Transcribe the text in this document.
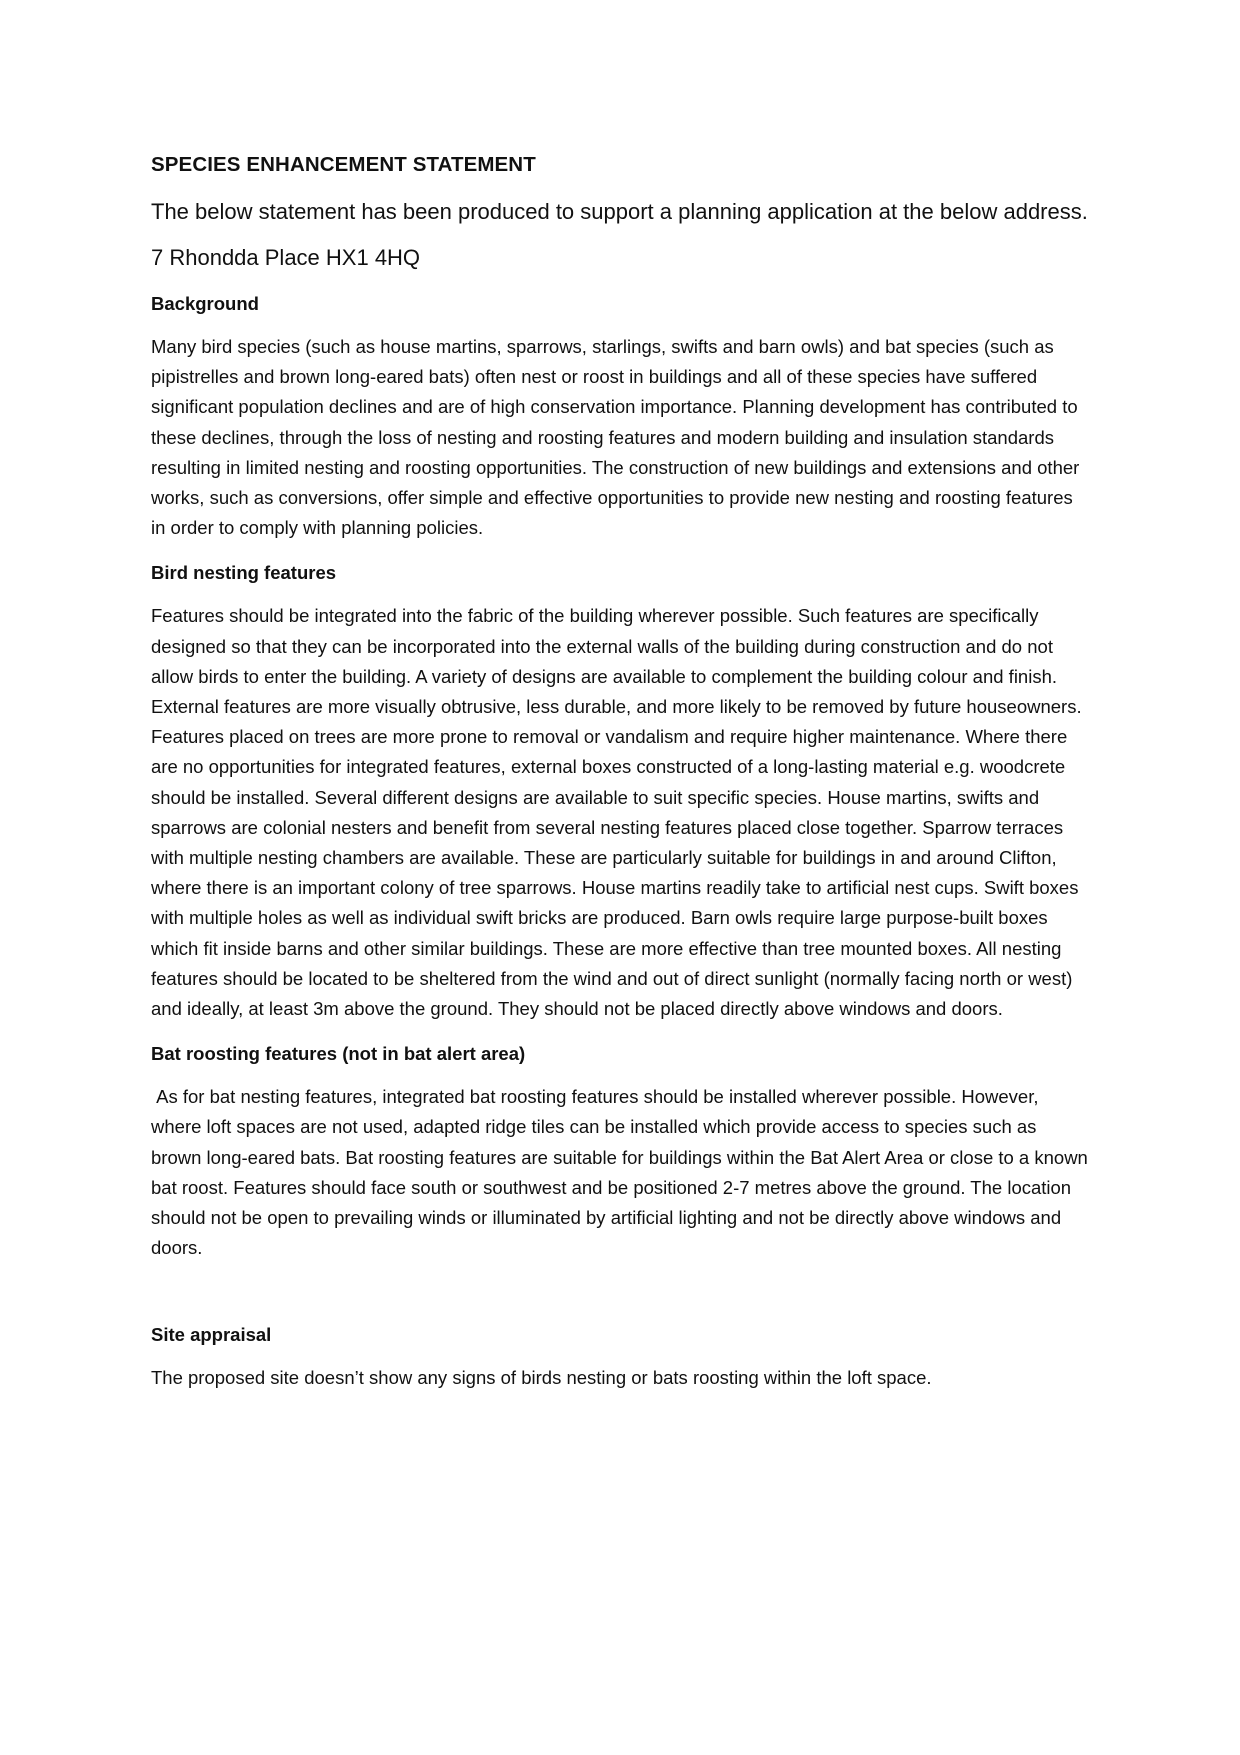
SPECIES ENHANCEMENT STATEMENT

The below statement has been produced to support a planning application at the below address.

7 Rhondda Place HX1 4HQ

Background

Many bird species (such as house martins, sparrows, starlings, swifts and barn owls) and bat species (such as pipistrelles and brown long-eared bats) often nest or roost in buildings and all of these species have suffered significant population declines and are of high conservation importance. Planning development has contributed to these declines, through the loss of nesting and roosting features and modern building and insulation standards resulting in limited nesting and roosting opportunities. The construction of new buildings and extensions and other works, such as conversions, offer simple and effective opportunities to provide new nesting and roosting features in order to comply with planning policies.

Bird nesting features

Features should be integrated into the fabric of the building wherever possible. Such features are specifically designed so that they can be incorporated into the external walls of the building during construction and do not allow birds to enter the building. A variety of designs are available to complement the building colour and finish. External features are more visually obtrusive, less durable, and more likely to be removed by future houseowners. Features placed on trees are more prone to removal or vandalism and require higher maintenance. Where there are no opportunities for integrated features, external boxes constructed of a long-lasting material e.g. woodcrete should be installed. Several different designs are available to suit specific species. House martins, swifts and sparrows are colonial nesters and benefit from several nesting features placed close together. Sparrow terraces with multiple nesting chambers are available. These are particularly suitable for buildings in and around Clifton, where there is an important colony of tree sparrows. House martins readily take to artificial nest cups. Swift boxes with multiple holes as well as individual swift bricks are produced. Barn owls require large purpose-built boxes which fit inside barns and other similar buildings. These are more effective than tree mounted boxes. All nesting features should be located to be sheltered from the wind and out of direct sunlight (normally facing north or west) and ideally, at least 3m above the ground. They should not be placed directly above windows and doors.

Bat roosting features (not in bat alert area)

As for bat nesting features, integrated bat roosting features should be installed wherever possible. However, where loft spaces are not used, adapted ridge tiles can be installed which provide access to species such as brown long-eared bats. Bat roosting features are suitable for buildings within the Bat Alert Area or close to a known bat roost. Features should face south or southwest and be positioned 2-7 metres above the ground. The location should not be open to prevailing winds or illuminated by artificial lighting and not be directly above windows and doors.

Site appraisal

The proposed site doesn’t show any signs of birds nesting or bats roosting within the loft space.
